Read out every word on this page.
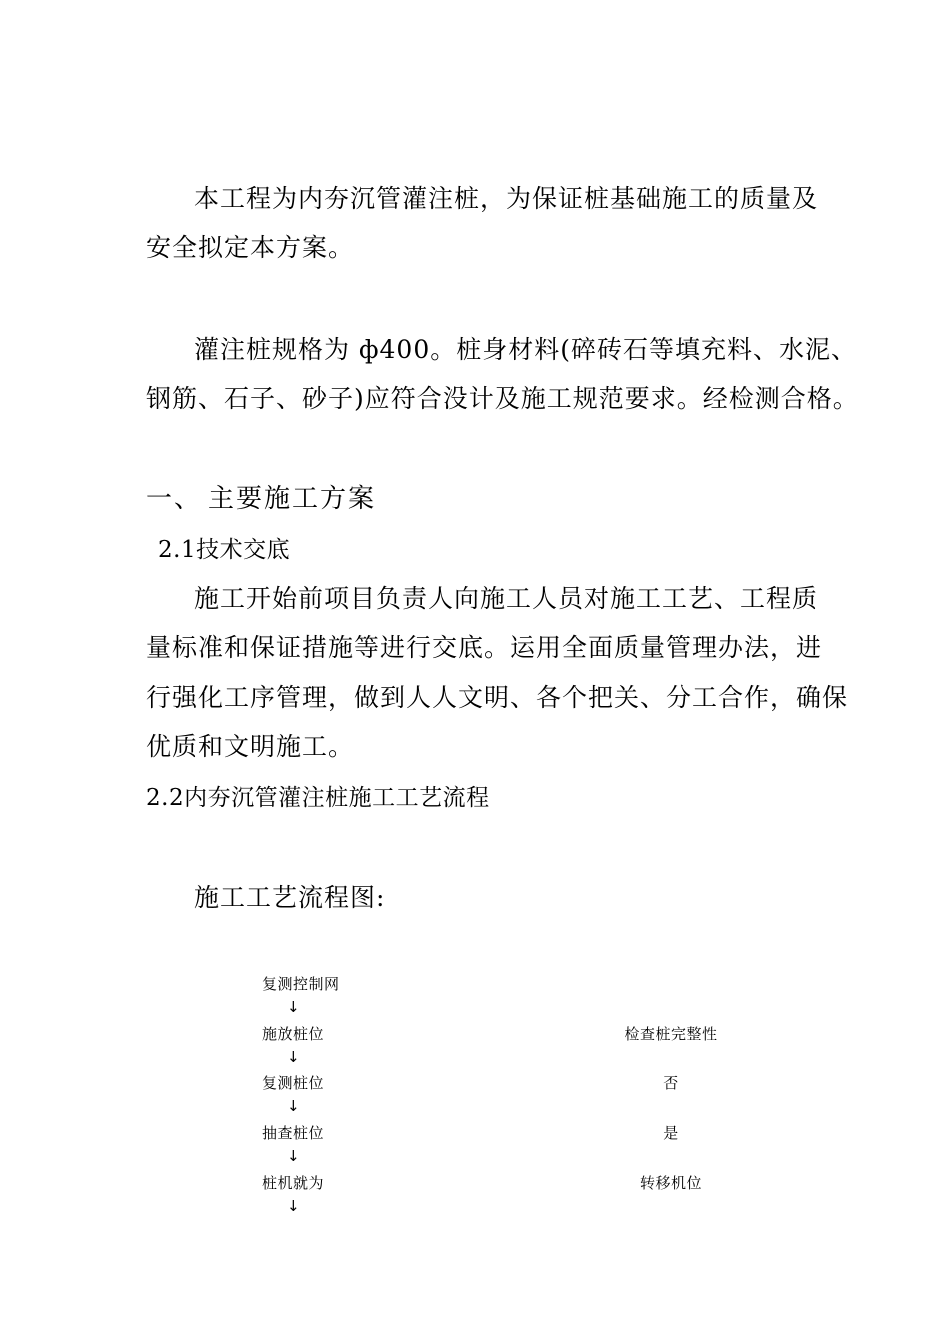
本工程为内夯沉管灌注桩，为保证桩基础施工的质量及
安全拟定本方案。
灌注桩规格为 ф400。桩身材料(碎砖石等填充料、水泥、
钢筋、石子、砂子)应符合没计及施工规范要求。经检测合格。
一、 主要施工方案
2.1技术交底
施工开始前项目负责人向施工人员对施工工艺、工程质
量标准和保证措施等进行交底。运用全面质量管理办法，进
行强化工序管理，做到人人文明、各个把关、分工合作，确保
优质和文明施工。
2.2内夯沉管灌注桩施工工艺流程
施工工艺流程图:
复测控制网
↓
施放桩位
↓
复测桩位
↓
抽查桩位
↓
桩机就为
↓
检查桩完整性
否
是
转移机位
